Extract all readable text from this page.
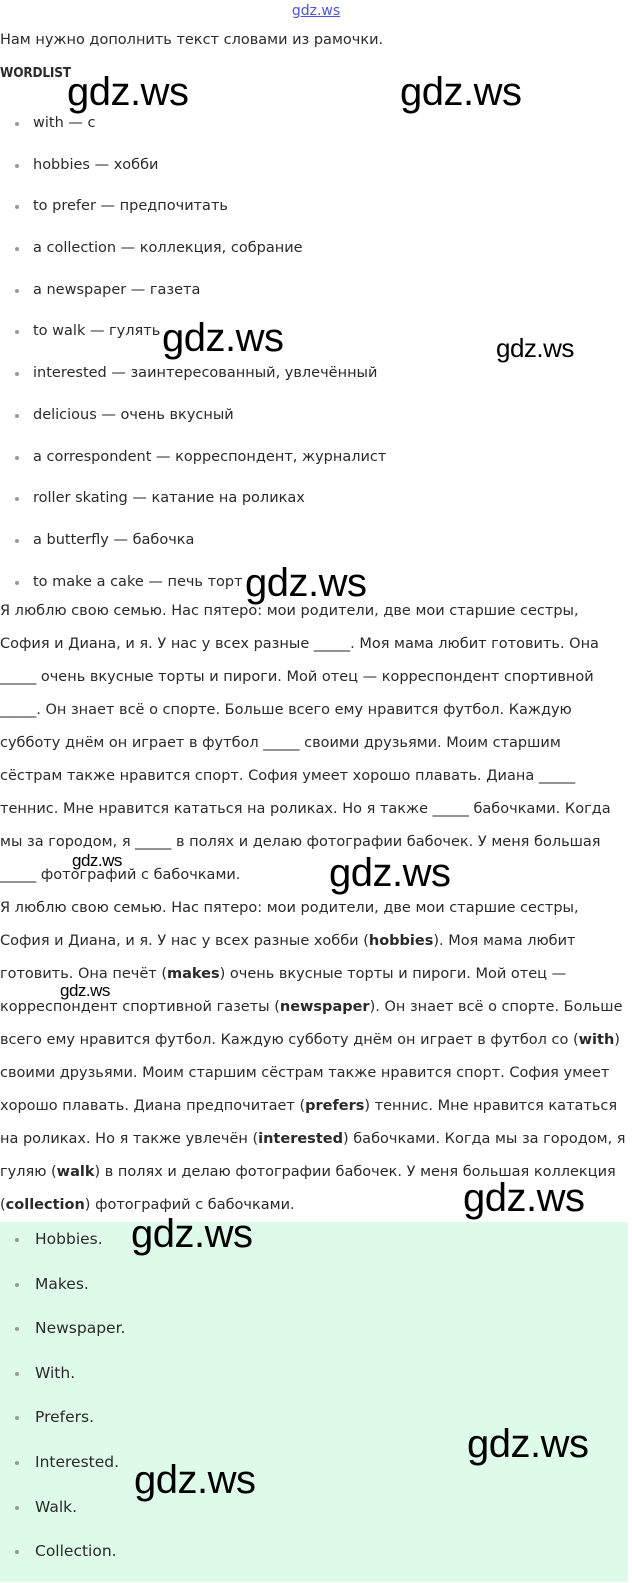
gdz.ws
Нам нужно дополнить текст словами из рамочки.
WORDLIST
with — с
hobbies — хобби
to prefer — предпочитать
a collection — коллекция, собрание
a newspaper — газета
to walk — гулять
interested — заинтересованный, увлечённый
delicious — очень вкусный
a correspondent — корреспондент, журналист
roller skating — катание на роликах
a butterfly — бабочка
to make a cake — печь торт

Я люблю свою семью. Нас пятеро: мои родители, две мои старшие сестры,
София и Диана, и я. У нас у всех разные _____. Моя мама любит готовить. Она
_____ очень вкусные торты и пироги. Мой отец — корреспондент спортивной
_____. Он знает всё о спорте. Больше всего ему нравится футбол. Каждую
субботу днём он играет в футбол _____ своими друзьями. Моим старшим
сёстрам также нравится спорт. София умеет хорошо плавать. Диана _____
теннис. Мне нравится кататься на роликах. Но я также _____ бабочками. Когда
мы за городом, я _____ в полях и делаю фотографии бабочек. У меня большая
_____ фотографий с бабочками.

Я люблю свою семью. Нас пятеро: мои родители, две мои старшие сестры,
София и Диана, и я. У нас у всех разные хобби (hobbies). Моя мама любит
готовить. Она печёт (makes) очень вкусные торты и пироги. Мой отец —
корреспондент спортивной газеты (newspaper). Он знает всё о спорте. Больше
всего ему нравится футбол. Каждую субботу днём он играет в футбол со (with)
своими друзьями. Моим старшим сёстрам также нравится спорт. София умеет
хорошо плавать. Диана предпочитает (prefers) теннис. Мне нравится кататься
на роликах. Но я также увлечён (interested) бабочками. Когда мы за городом, я
гуляю (walk) в полях и делаю фотографии бабочек. У меня большая коллекция
(collection) фотографий с бабочками.

Hobbies.
Makes.
Newspaper.
With.
Prefers.
Interested.
Walk.
Collection.
gdz.ws	gdz.ws
gdz.ws	gdz.ws
gdz.ws
gdz.ws	gdz.ws
gdz.ws
gdz.ws
gdz.ws
gdz.ws
gdz.ws
